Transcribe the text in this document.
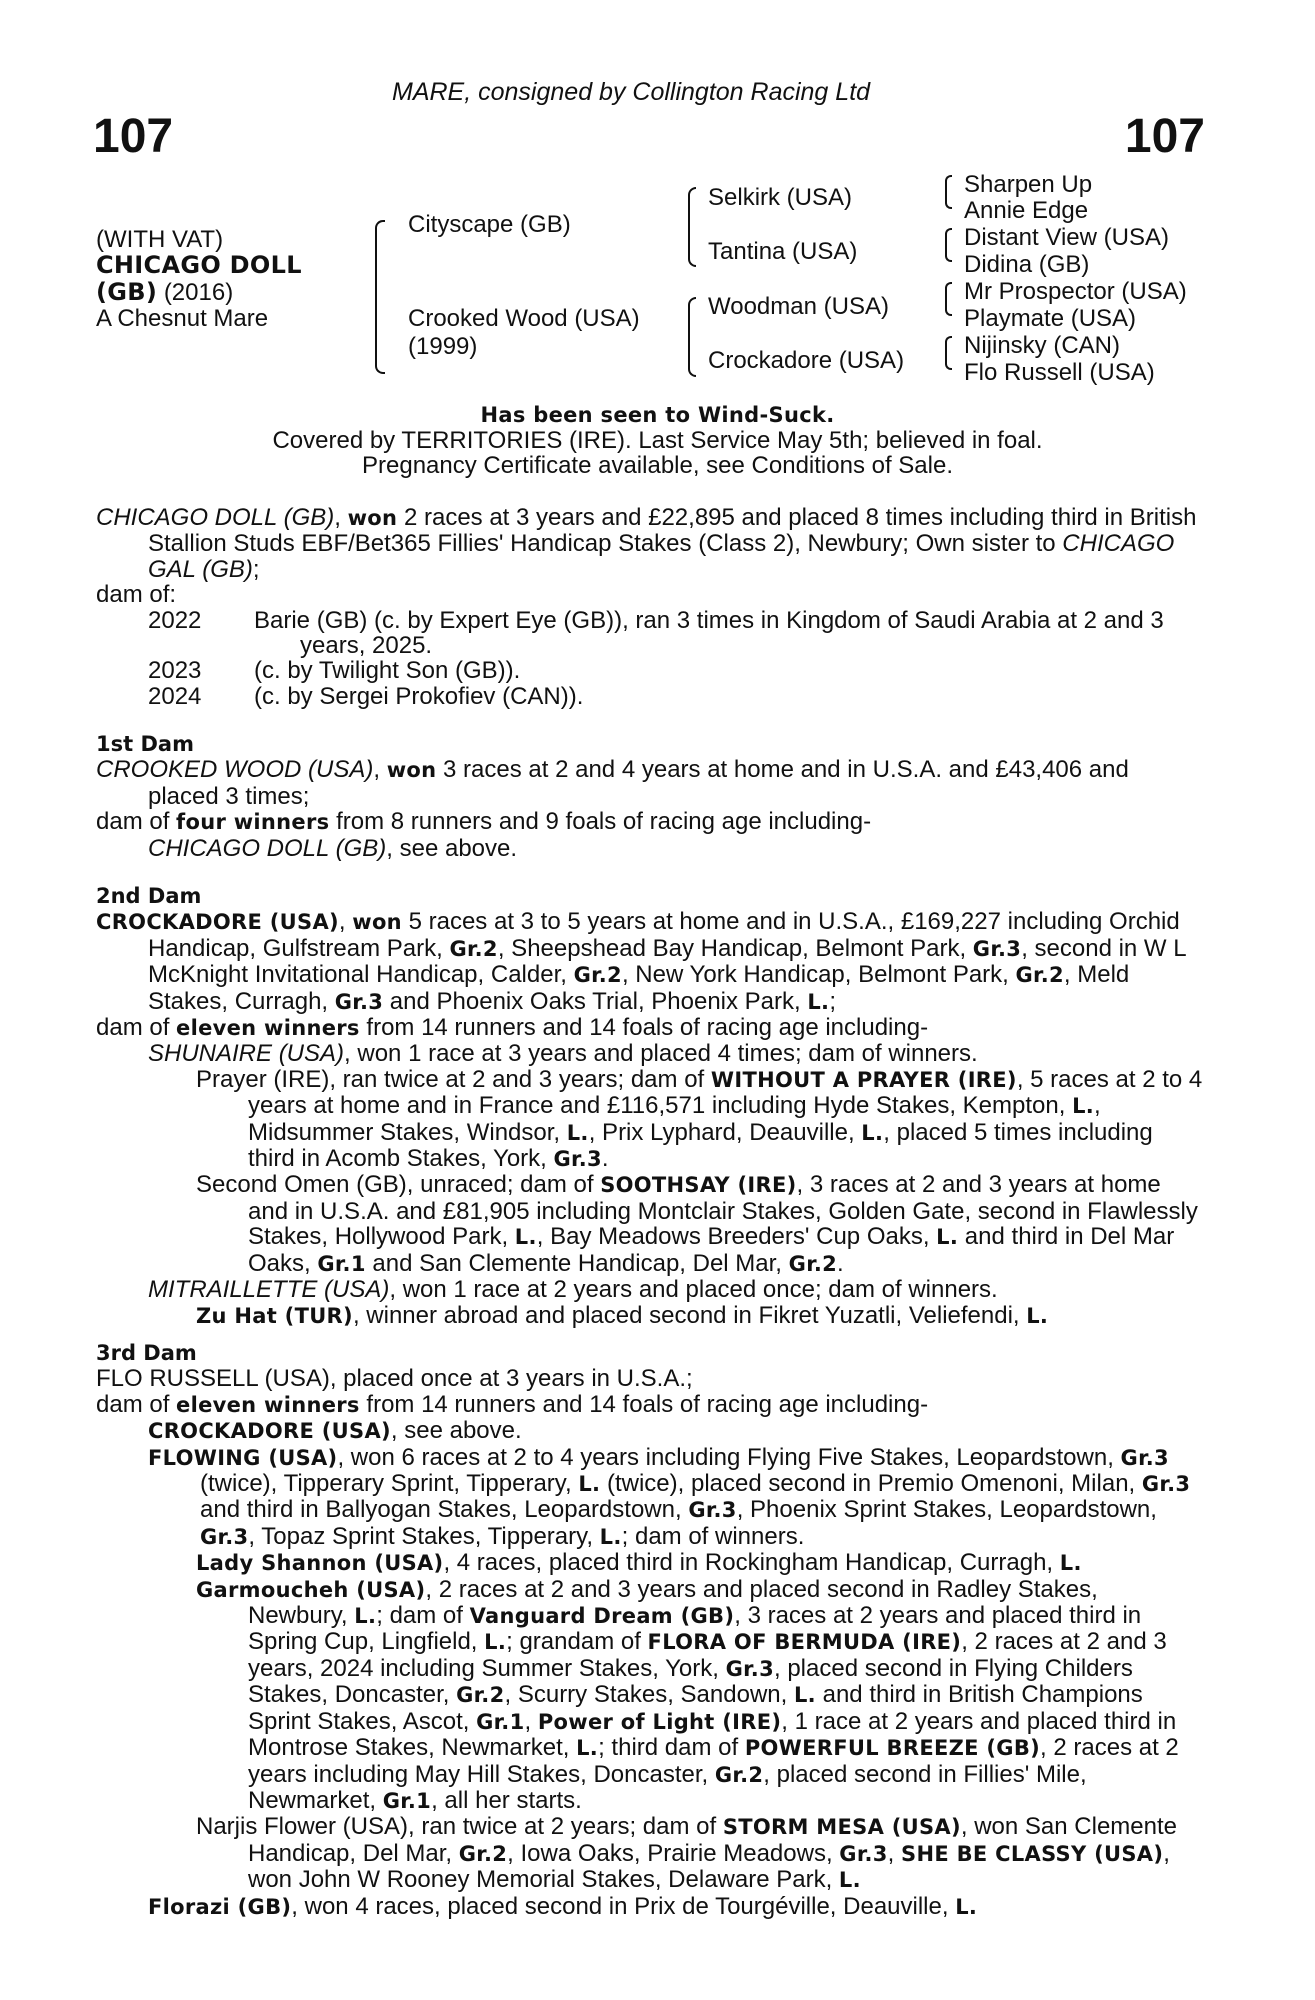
MARE, consigned by Collington Racing Ltd
107	107
(WITH VAT)
CHICAGO DOLL
(GB) (2016)
A Chesnut Mare
Cityscape (GB)
Crooked Wood (USA)
(1999)
Selkirk (USA)
Tantina (USA)
Woodman (USA)
Crockadore (USA)
Sharpen Up
Annie Edge
Distant View (USA)
Didina (GB)
Mr Prospector (USA)
Playmate (USA)
Nijinsky (CAN)
Flo Russell (USA)
Has been seen to Wind-Suck.
Covered by TERRITORIES (IRE). Last Service May 5th; believed in foal.
Pregnancy Certificate available, see Conditions of Sale.
CHICAGO DOLL (GB), won 2 races at 3 years and £22,895 and placed 8 times including third in British Stallion Studs EBF/Bet365 Fillies' Handicap Stakes (Class 2), Newbury; Own sister to CHICAGO GAL (GB);
dam of:
2022	Barie (GB) (c. by Expert Eye (GB)), ran 3 times in Kingdom of Saudi Arabia at 2 and 3 years, 2025.
2023	(c. by Twilight Son (GB)).
2024	(c. by Sergei Prokofiev (CAN)).
1st Dam
CROOKED WOOD (USA), won 3 races at 2 and 4 years at home and in U.S.A. and £43,406 and placed 3 times;
dam of four winners from 8 runners and 9 foals of racing age including-
CHICAGO DOLL (GB), see above.
2nd Dam
CROCKADORE (USA), won 5 races at 3 to 5 years at home and in U.S.A., £169,227 including Orchid Handicap, Gulfstream Park, Gr.2, Sheepshead Bay Handicap, Belmont Park, Gr.3, second in W L McKnight Invitational Handicap, Calder, Gr.2, New York Handicap, Belmont Park, Gr.2, Meld Stakes, Curragh, Gr.3 and Phoenix Oaks Trial, Phoenix Park, L.;
dam of eleven winners from 14 runners and 14 foals of racing age including-
SHUNAIRE (USA), won 1 race at 3 years and placed 4 times; dam of winners.
Prayer (IRE), ran twice at 2 and 3 years; dam of WITHOUT A PRAYER (IRE), 5 races at 2 to 4 years at home and in France and £116,571 including Hyde Stakes, Kempton, L., Midsummer Stakes, Windsor, L., Prix Lyphard, Deauville, L., placed 5 times including third in Acomb Stakes, York, Gr.3.
Second Omen (GB), unraced; dam of SOOTHSAY (IRE), 3 races at 2 and 3 years at home and in U.S.A. and £81,905 including Montclair Stakes, Golden Gate, second in Flawlessly Stakes, Hollywood Park, L., Bay Meadows Breeders' Cup Oaks, L. and third in Del Mar Oaks, Gr.1 and San Clemente Handicap, Del Mar, Gr.2.
MITRAILLETTE (USA), won 1 race at 2 years and placed once; dam of winners.
Zu Hat (TUR), winner abroad and placed second in Fikret Yuzatli, Veliefendi, L.
3rd Dam
FLO RUSSELL (USA), placed once at 3 years in U.S.A.;
dam of eleven winners from 14 runners and 14 foals of racing age including-
CROCKADORE (USA), see above.
FLOWING (USA), won 6 races at 2 to 4 years including Flying Five Stakes, Leopardstown, Gr.3 (twice), Tipperary Sprint, Tipperary, L. (twice), placed second in Premio Omenoni, Milan, Gr.3 and third in Ballyogan Stakes, Leopardstown, Gr.3, Phoenix Sprint Stakes, Leopardstown, Gr.3, Topaz Sprint Stakes, Tipperary, L.; dam of winners.
Lady Shannon (USA), 4 races, placed third in Rockingham Handicap, Curragh, L.
Garmoucheh (USA), 2 races at 2 and 3 years and placed second in Radley Stakes, Newbury, L.; dam of Vanguard Dream (GB), 3 races at 2 years and placed third in Spring Cup, Lingfield, L.; grandam of FLORA OF BERMUDA (IRE), 2 races at 2 and 3 years, 2024 including Summer Stakes, York, Gr.3, placed second in Flying Childers Stakes, Doncaster, Gr.2, Scurry Stakes, Sandown, L. and third in British Champions Sprint Stakes, Ascot, Gr.1, Power of Light (IRE), 1 race at 2 years and placed third in Montrose Stakes, Newmarket, L.; third dam of POWERFUL BREEZE (GB), 2 races at 2 years including May Hill Stakes, Doncaster, Gr.2, placed second in Fillies' Mile, Newmarket, Gr.1, all her starts.
Narjis Flower (USA), ran twice at 2 years; dam of STORM MESA (USA), won San Clemente Handicap, Del Mar, Gr.2, Iowa Oaks, Prairie Meadows, Gr.3, SHE BE CLASSY (USA), won John W Rooney Memorial Stakes, Delaware Park, L.
Florazi (GB), won 4 races, placed second in Prix de Tourgéville, Deauville, L.
